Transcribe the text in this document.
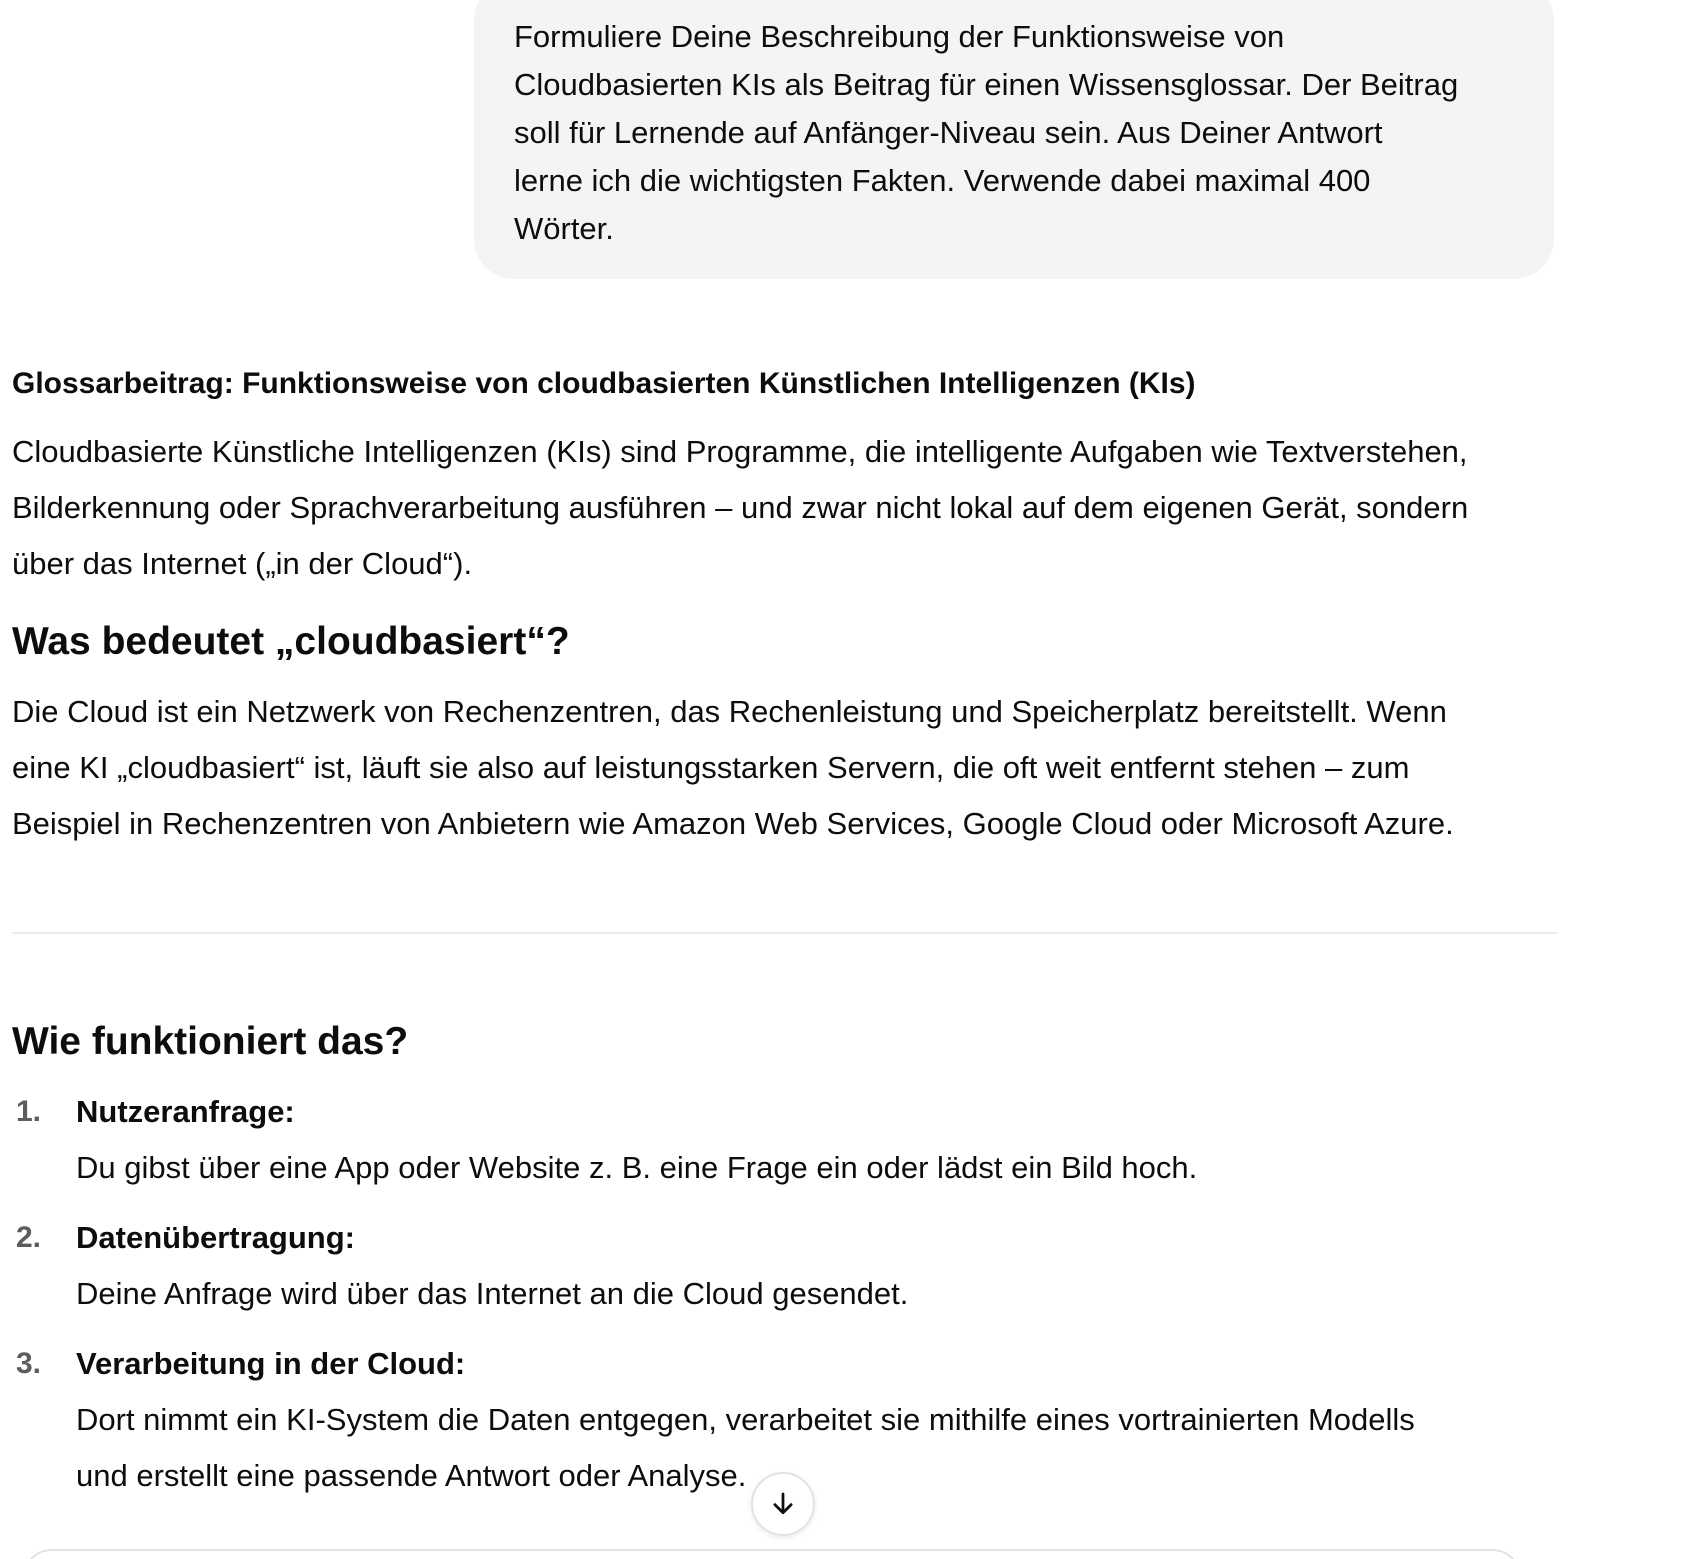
Formuliere Deine Beschreibung der Funktionsweise von
Cloudbasierten KIs als Beitrag für einen Wissensglossar. Der Beitrag
soll für Lernende auf Anfänger-Niveau sein. Aus Deiner Antwort
lerne ich die wichtigsten Fakten. Verwende dabei maximal 400
Wörter.
Glossarbeitrag: Funktionsweise von cloudbasierten Künstlichen Intelligenzen (KIs)
Cloudbasierte Künstliche Intelligenzen (KIs) sind Programme, die intelligente Aufgaben wie Textverstehen,
Bilderkennung oder Sprachverarbeitung ausführen – und zwar nicht lokal auf dem eigenen Gerät, sondern
über das Internet („in der Cloud“).
Was bedeutet „cloudbasiert“?
Die Cloud ist ein Netzwerk von Rechenzentren, das Rechenleistung und Speicherplatz bereitstellt. Wenn
eine KI „cloudbasiert“ ist, läuft sie also auf leistungsstarken Servern, die oft weit entfernt stehen – zum
Beispiel in Rechenzentren von Anbietern wie Amazon Web Services, Google Cloud oder Microsoft Azure.
Wie funktioniert das?
1. Nutzeranfrage:
Du gibst über eine App oder Website z. B. eine Frage ein oder lädst ein Bild hoch.
2. Datenübertragung:
Deine Anfrage wird über das Internet an die Cloud gesendet.
3. Verarbeitung in der Cloud:
Dort nimmt ein KI-System die Daten entgegen, verarbeitet sie mithilfe eines vortrainierten Modells
und erstellt eine passende Antwort oder Analyse.
